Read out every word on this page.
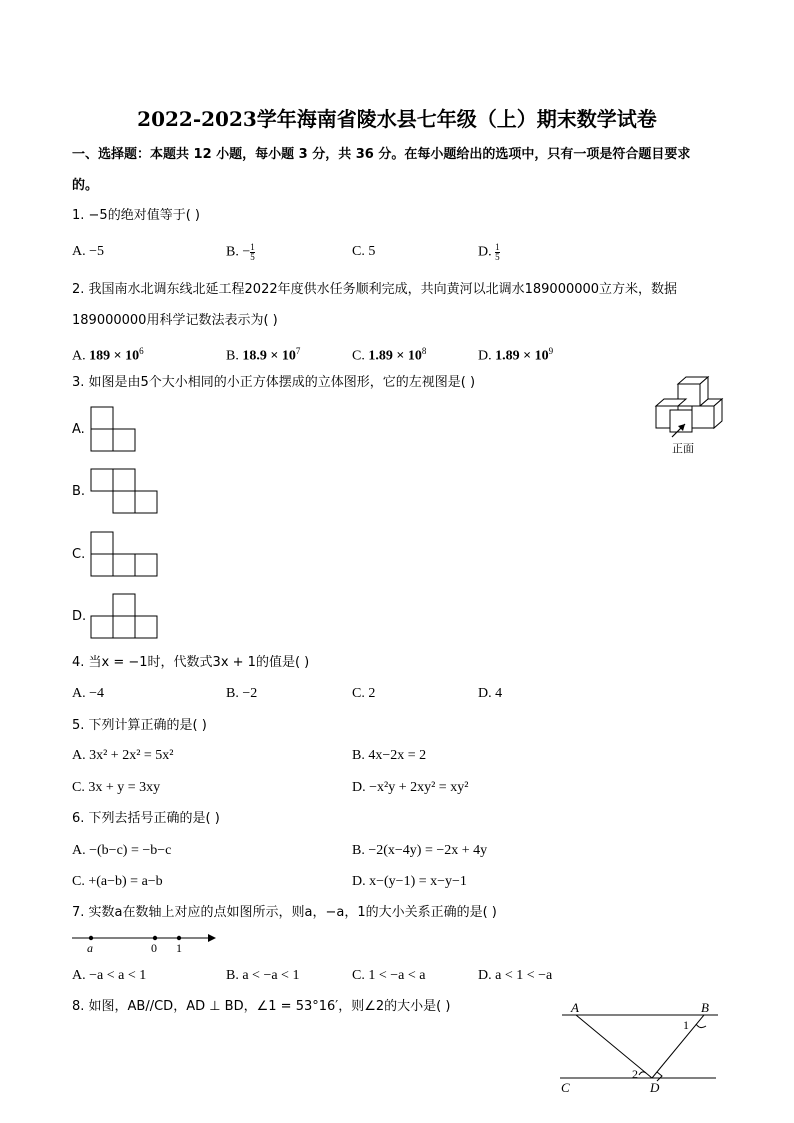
2022-2023学年海南省陵水县七年级（上）期末数学试卷
一、选择题：本题共 12 小题，每小题 3 分，共 36 分。在每小题给出的选项中，只有一项是符合题目要求
的。
1. −5的绝对值等于( )
A. −5	B. − $\frac{1}{5}$	C. 5	D. $\frac{1}{5}$
2. 我国南水北调东线北延工程2022年度供水任务顺利完成，共向黄河以北调水189000000立方米，数据
189000000用科学记数法表示为( )
A. $189 \times 10^6$	B. $18.9 \times 10^7$	C. $1.89 \times 10^8$	D. $1.89 \times 10^9$
3. 如图是由5个大小相同的小正方体摆成的立体图形，它的左视图是( )
正面
A.
B.
C.
D.
4. 当x = −1时，代数式3x + 1的值是( )
A. −4	B. −2	C. 2	D. 4
5. 下列计算正确的是( )
A. 3x² + 2x² = 5x²	B. 4x−2x = 2
C. 3x + y = 3xy	D. −x²y + 2xy² = xy²
6. 下列去括号正确的是( )
A. −(b−c) = −b−c	B. −2(x−4y) = −2x + 4y
C. +(a−b) = a−b	D. x−(y−1) = x−y−1
7. 实数a在数轴上对应的点如图所示，则a，−a，1的大小关系正确的是( )
a	0 1
A. −a < a < 1	B. a < −a < 1	C. 1 < −a < a	D. a < 1 < −a
8. 如图，AB//CD，AD ⊥ BD，∠1 = 53°16′，则∠2的大小是( )	A	B
C	D
1
2
